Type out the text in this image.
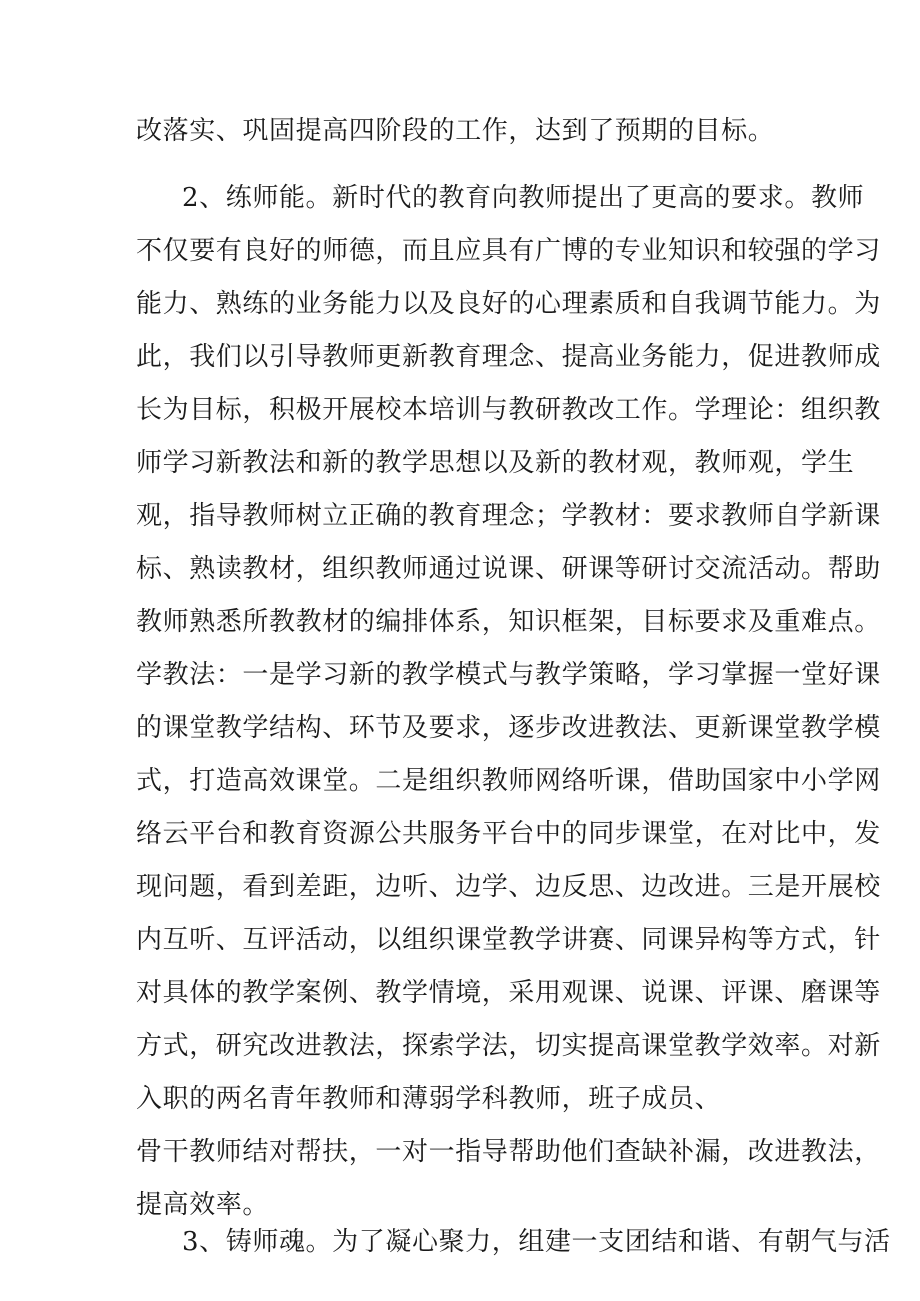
改落实、巩固提高四阶段的工作，达到了预期的目标。
2、练师能。新时代的教育向教师提出了更高的要求。教师
不仅要有良好的师德，而且应具有广博的专业知识和较强的学习
能力、熟练的业务能力以及良好的心理素质和自我调节能力。为
此，我们以引导教师更新教育理念、提高业务能力，促进教师成
长为目标，积极开展校本培训与教研教改工作。学理论：组织教
师学习新教法和新的教学思想以及新的教材观，教师观，学生
观，指导教师树立正确的教育理念；学教材：要求教师自学新课
标、熟读教材，组织教师通过说课、研课等研讨交流活动。帮助
教师熟悉所教教材的编排体系，知识框架，目标要求及重难点。
学教法：一是学习新的教学模式与教学策略，学习掌握一堂好课
的课堂教学结构、环节及要求，逐步改进教法、更新课堂教学模
式，打造高效课堂。二是组织教师网络听课，借助国家中小学网
络云平台和教育资源公共服务平台中的同步课堂，在对比中，发
现问题，看到差距，边听、边学、边反思、边改进。三是开展校
内互听、互评活动，以组织课堂教学讲赛、同课异构等方式，针
对具体的教学案例、教学情境，采用观课、说课、评课、磨课等
方式，研究改进教法，探索学法，切实提高课堂教学效率。对新
入职的两名青年教师和薄弱学科教师，班子成员、
骨干教师结对帮扶，一对一指导帮助他们查缺补漏，改进教法，
提高效率。
3、铸师魂。为了凝心聚力，组建一支团结和谐、有朝气与活
